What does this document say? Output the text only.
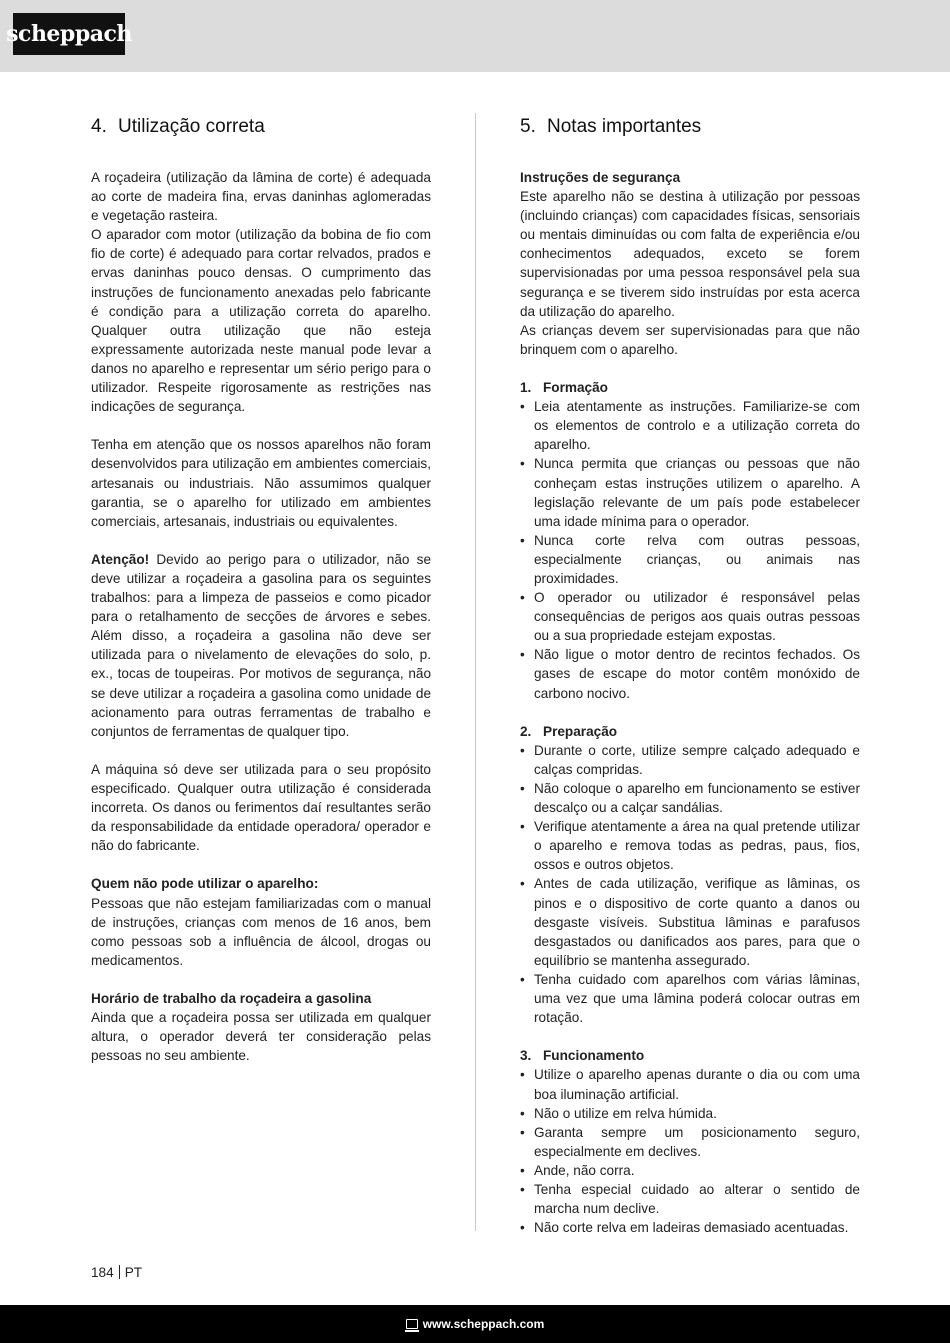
scheppach
4. Utilização correta

A roçadeira (utilização da lâmina de corte) é adequada ao corte de madeira fina, ervas daninhas aglomeradas e vegetação rasteira.

O aparador com motor (utilização da bobina de fio com fio de corte) é adequado para cortar relvados, prados e ervas daninhas pouco densas. O cumprimento das instruções de funcionamento anexadas pelo fabricante é condição para a utilização correta do aparelho. Qualquer outra utilização que não esteja expressamente autorizada neste manual pode levar a danos no aparelho e representar um sério perigo para o utilizador. Respeite rigorosamente as restrições nas indicações de segurança.

Tenha em atenção que os nossos aparelhos não foram desenvolvidos para utilização em ambientes comerciais, artesanais ou industriais. Não assumimos qualquer garantia, se o aparelho for utilizado em ambientes comerciais, artesanais, industriais ou equivalentes.

Atenção! Devido ao perigo para o utilizador, não se deve utilizar a roçadeira a gasolina para os seguintes trabalhos: para a limpeza de passeios e como picador para o retalhamento de secções de árvores e sebes. Além disso, a roçadeira a gasolina não deve ser utilizada para o nivelamento de elevações do solo, p. ex., tocas de toupeiras. Por motivos de segurança, não se deve utilizar a roçadeira a gasolina como unidade de acionamento para outras ferramentas de trabalho e conjuntos de ferramentas de qualquer tipo.

A máquina só deve ser utilizada para o seu propósito especificado. Qualquer outra utilização é considerada incorreta. Os danos ou ferimentos daí resultantes serão da responsabilidade da entidade operadora/ operador e não do fabricante.

Quem não pode utilizar o aparelho:

Pessoas que não estejam familiarizadas com o manual de instruções, crianças com menos de 16 anos, bem como pessoas sob a influência de álcool, drogas ou medicamentos.

Horário de trabalho da roçadeira a gasolina

Ainda que a roçadeira possa ser utilizada em qualquer altura, o operador deverá ter consideração pelas pessoas no seu ambiente.

5. Notas importantes

Instruções de segurança

Este aparelho não se destina à utilização por pessoas (incluindo crianças) com capacidades físicas, sensoriais ou mentais diminuídas ou com falta de experiência e/ou conhecimentos adequados, exceto se forem supervisionadas por uma pessoa responsável pela sua segurança e se tiverem sido instruídas por esta acerca da utilização do aparelho.

As crianças devem ser supervisionadas para que não brinquem com o aparelho.

1. Formação

• Leia atentamente as instruções. Familiarize-se com os elementos de controlo e a utilização correta do aparelho.
• Nunca permita que crianças ou pessoas que não conheçam estas instruções utilizem o aparelho. A legislação relevante de um país pode estabelecer uma idade mínima para o operador.
• Nunca corte relva com outras pessoas, especialmente crianças, ou animais nas proximidades.
• O operador ou utilizador é responsável pelas consequências de perigos aos quais outras pessoas ou a sua propriedade estejam expostas.
• Não ligue o motor dentro de recintos fechados. Os gases de escape do motor contêm monóxido de carbono nocivo.

2. Preparação

• Durante o corte, utilize sempre calçado adequado e calças compridas.
• Não coloque o aparelho em funcionamento se estiver descalço ou a calçar sandálias.
• Verifique atentamente a área na qual pretende utilizar o aparelho e remova todas as pedras, paus, fios, ossos e outros objetos.
• Antes de cada utilização, verifique as lâminas, os pinos e o dispositivo de corte quanto a danos ou desgaste visíveis. Substitua lâminas e parafusos desgastados ou danificados aos pares, para que o equilíbrio se mantenha assegurado.
• Tenha cuidado com aparelhos com várias lâminas, uma vez que uma lâmina poderá colocar outras em rotação.

3. Funcionamento

• Utilize o aparelho apenas durante o dia ou com uma boa iluminação artificial.
• Não o utilize em relva húmida.
• Garanta sempre um posicionamento seguro, especialmente em declives.
• Ande, não corra.
• Tenha especial cuidado ao alterar o sentido de marcha num declive.
• Não corte relva em ladeiras demasiado acentuadas.
184 PT
www.scheppach.com
